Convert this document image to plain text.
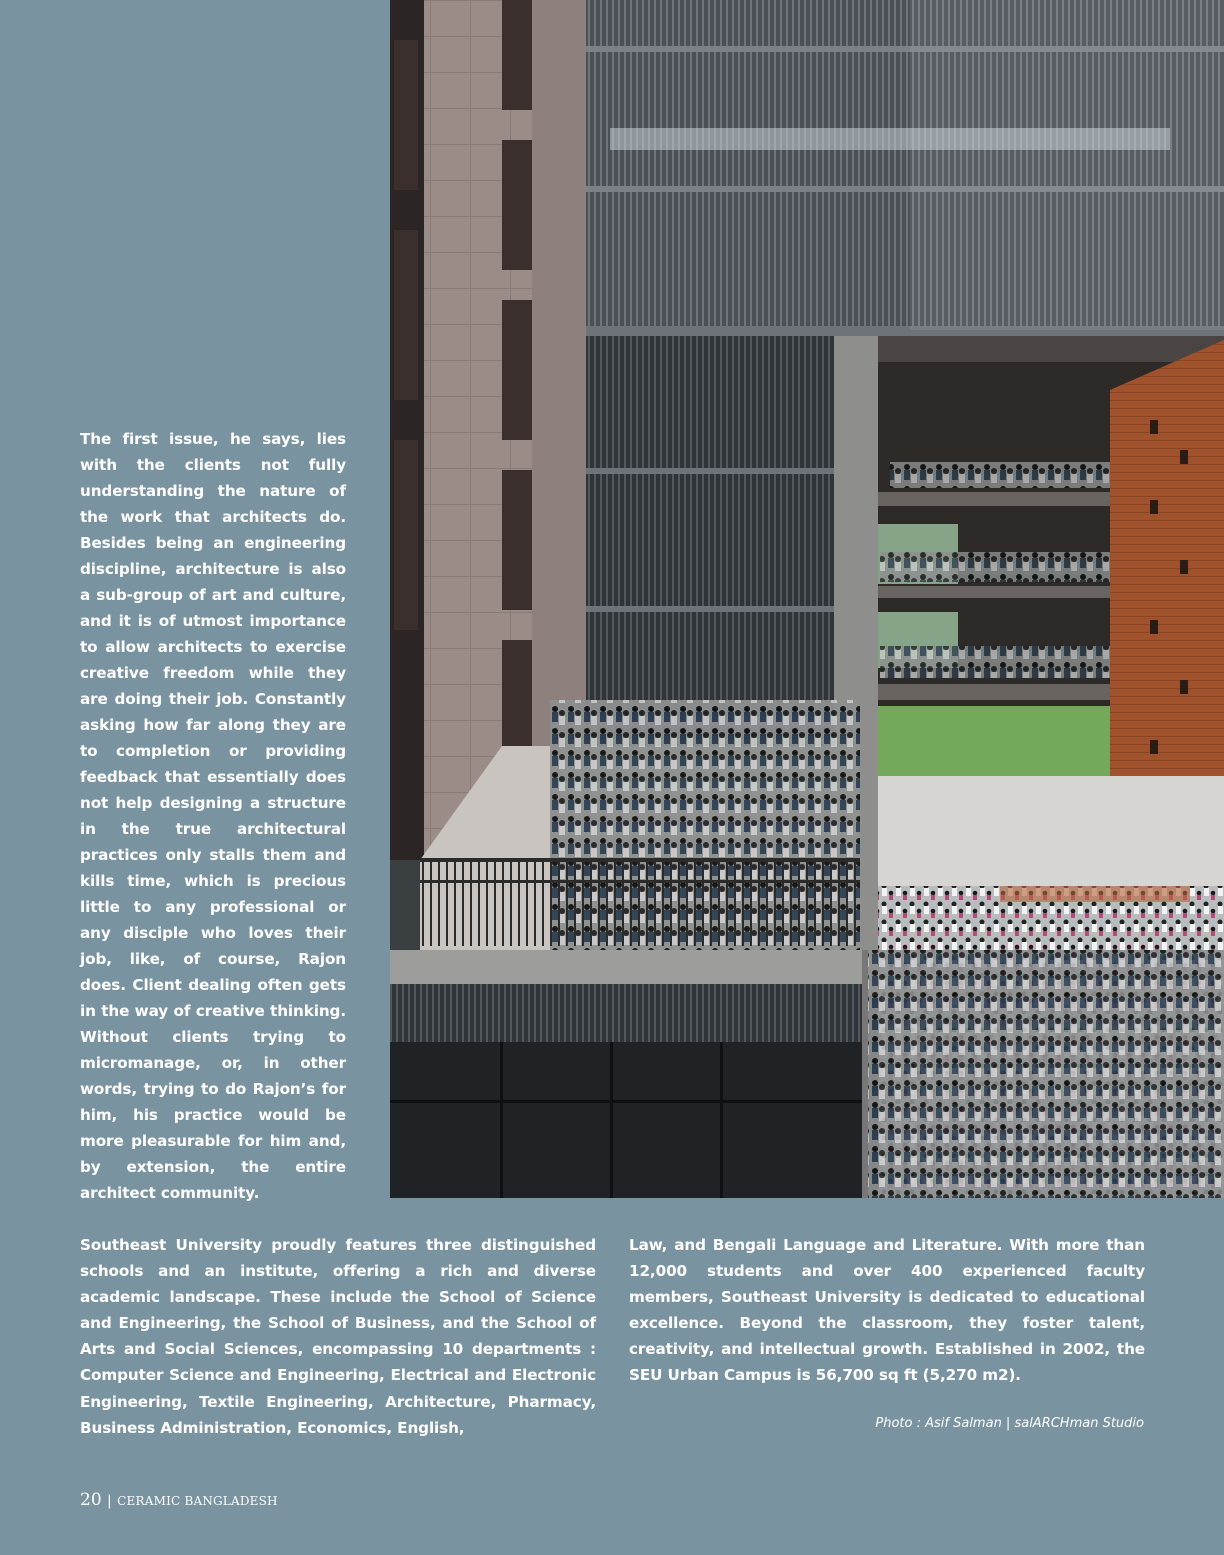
The first issue, he says, lies with the clients not fully understanding the nature of the work that architects do. Besides being an engineering discipline, architecture is also a sub-group of art and culture, and it is of utmost importance to allow architects to exercise creative freedom while they are doing their job. Constantly asking how far along they are to completion or providing feedback that essentially does not help designing a structure in the true architectural practices only stalls them and kills time, which is precious little to any professional or any disciple who loves their job, like, of course, Rajon does. Client dealing often gets in the way of creative thinking. Without clients trying to micromanage, or, in other words, trying to do Rajon’s for him, his practice would be more pleasurable for him and, by extension, the entire architect community.

Southeast University proudly features three distinguished schools and an institute, offering a rich and diverse academic landscape. These include the School of Science and Engineering, the School of Business, and the School of Arts and Social Sciences, encompassing 10 departments : Computer Science and Engineering, Electrical and Electronic Engineering, Textile Engineering, Architecture, Pharmacy, Business Administration, Economics, English,

Law, and Bengali Language and Literature. With more than 12,000 students and over 400 experienced faculty members, Southeast University is dedicated to educational excellence. Beyond the classroom, they foster talent, creativity, and intellectual growth. Established in 2002, the SEU Urban Campus is 56,700 sq ft (5,270 m2).

Photo : Asif Salman | salARCHman Studio

20 | CERAMIC BANGLADESH
